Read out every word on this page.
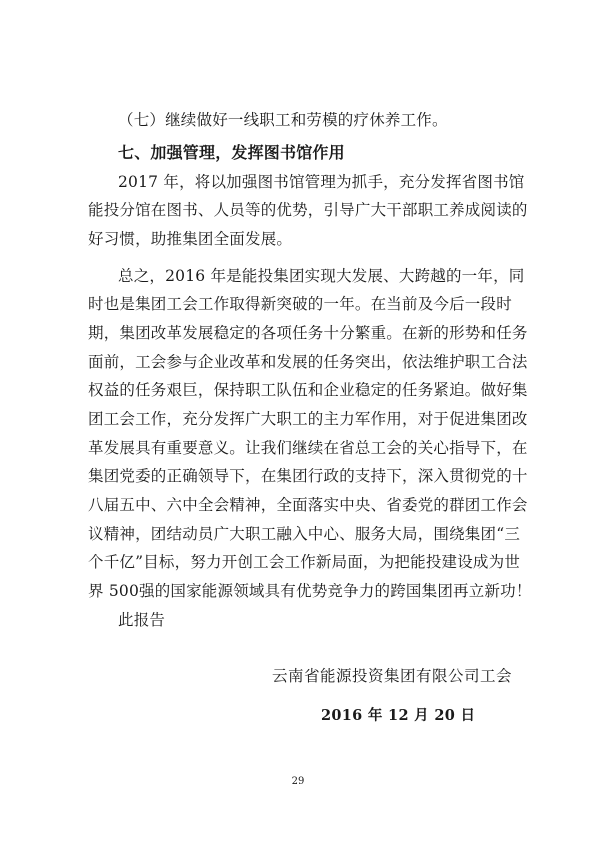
（七）继续做好一线职工和劳模的疗休养工作。
七、加强管理，发挥图书馆作用
2017 年，将以加强图书馆管理为抓手，充分发挥省图书馆
能投分馆在图书、人员等的优势，引导广大干部职工养成阅读的
好习惯，助推集团全面发展。
总之，2016 年是能投集团实现大发展、大跨越的一年，同
时也是集团工会工作取得新突破的一年。在当前及今后一段时
期，集团改革发展稳定的各项任务十分繁重。在新的形势和任务
面前，工会参与企业改革和发展的任务突出，依法维护职工合法
权益的任务艰巨，保持职工队伍和企业稳定的任务紧迫。做好集
团工会工作，充分发挥广大职工的主力军作用，对于促进集团改
革发展具有重要意义。让我们继续在省总工会的关心指导下，在
集团党委的正确领导下，在集团行政的支持下，深入贯彻党的十
八届五中、六中全会精神，全面落实中央、省委党的群团工作会
议精神，团结动员广大职工融入中心、服务大局，围绕集团“三
个千亿”目标，努力开创工会工作新局面，为把能投建设成为世
界 500强的国家能源领域具有优势竞争力的跨国集团再立新功！
此报告
云南省能源投资集团有限公司工会
2016 年 12 月 20 日
29
